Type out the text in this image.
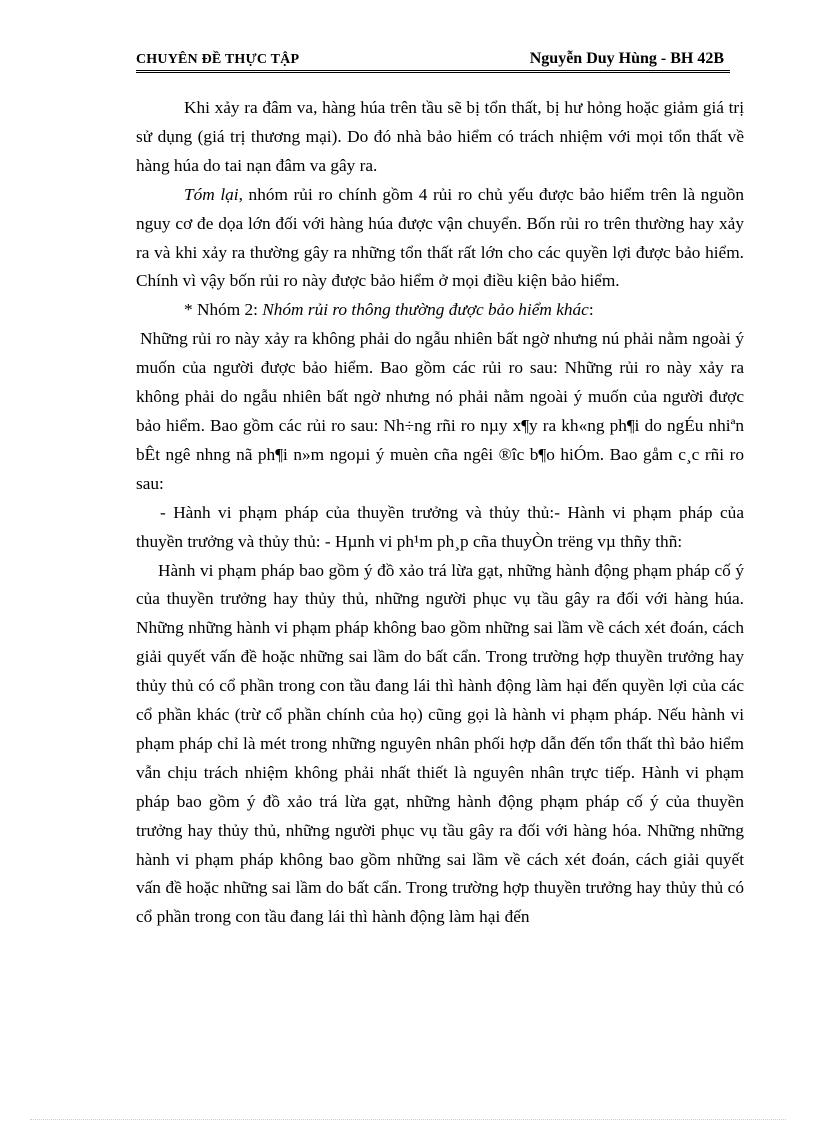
CHUYÊN ĐỀ THỰC TẬP	Nguyễn Duy Hùng - BH 42B

Khi xảy ra đâm va, hàng húa trên tầu sẽ bị tổn thất, bị hư hỏng hoặc giảm giá trị sử dụng (giá trị thương mại). Do đó nhà bảo hiểm có trách nhiệm với mọi tổn thất về hàng húa do tai nạn đâm va gây ra.

Tóm lại, nhóm rủi ro chính gồm 4 rủi ro chủ yếu được bảo hiểm trên là nguồn nguy cơ đe dọa lớn đối với hàng húa được vận chuyển. Bốn rủi ro trên thường hay xảy ra và khi xảy ra thường gây ra những tổn thất rất lớn cho các quyền lợi được bảo hiểm. Chính vì vậy bốn rủi ro này được bảo hiểm ở mọi điều kiện bảo hiểm.

* Nhóm 2: Nhóm rủi ro thông thường được bảo hiểm khác:

Những rủi ro này xảy ra không phải do ngẫu nhiên bất ngờ nhưng nú phải nằm ngoài ý muốn của người được bảo hiểm. Bao gồm các rủi ro sau: Những rủi ro này xảy ra không phải do ngẫu nhiên bất ngờ nhưng nó phải nằm ngoài ý muốn của người được bảo hiểm. Bao gồm các rủi ro sau: Nh÷ng rñi ro nµy x¶y ra kh«ng ph¶i do ngÉu nhiªn bÊt ngê nhng nã ph¶i n»m ngoµi ý muèn cña ngêi ®îc b¶o hiÓm. Bao gåm c¸c rñi ro sau:

- Hành vi phạm pháp của thuyền trưởng và thủy thủ:- Hành vi phạm pháp của thuyền trưởng và thủy thủ: - Hµnh vi ph¹m ph¸p cña thuyÒn trëng vµ thñy thñ:

Hành vi phạm pháp bao gồm ý đồ xảo trá lừa gạt, những hành động phạm pháp cố ý của thuyền trưởng hay thủy thủ, những người phục vụ tầu gây ra đối với hàng húa. Những những hành vi phạm pháp không bao gồm những sai lầm về cách xét đoán, cách giải quyết vấn đề hoặc những sai lầm do bất cẩn. Trong trường hợp thuyền trưởng hay thủy thủ có cổ phần trong con tầu đang lái thì hành động làm hại đến quyền lợi của các cổ phần khác (trừ cổ phần chính của họ) cũng gọi là hành vi phạm pháp. Nếu hành vi phạm pháp chỉ là mét trong những nguyên nhân phối hợp dẫn đến tổn thất thì bảo hiểm vẫn chịu trách nhiệm không phải nhất thiết là nguyên nhân trực tiếp. Hành vi phạm pháp bao gồm ý đồ xảo trá lừa gạt, những hành động phạm pháp cố ý của thuyền trưởng hay thủy thủ, những người phục vụ tầu gây ra đối với hàng hóa. Những những hành vi phạm pháp không bao gồm những sai lầm về cách xét đoán, cách giải quyết vấn đề hoặc những sai lầm do bất cẩn. Trong trường hợp thuyền trưởng hay thủy thủ có cổ phần trong con tầu đang lái thì hành động làm hại đến
